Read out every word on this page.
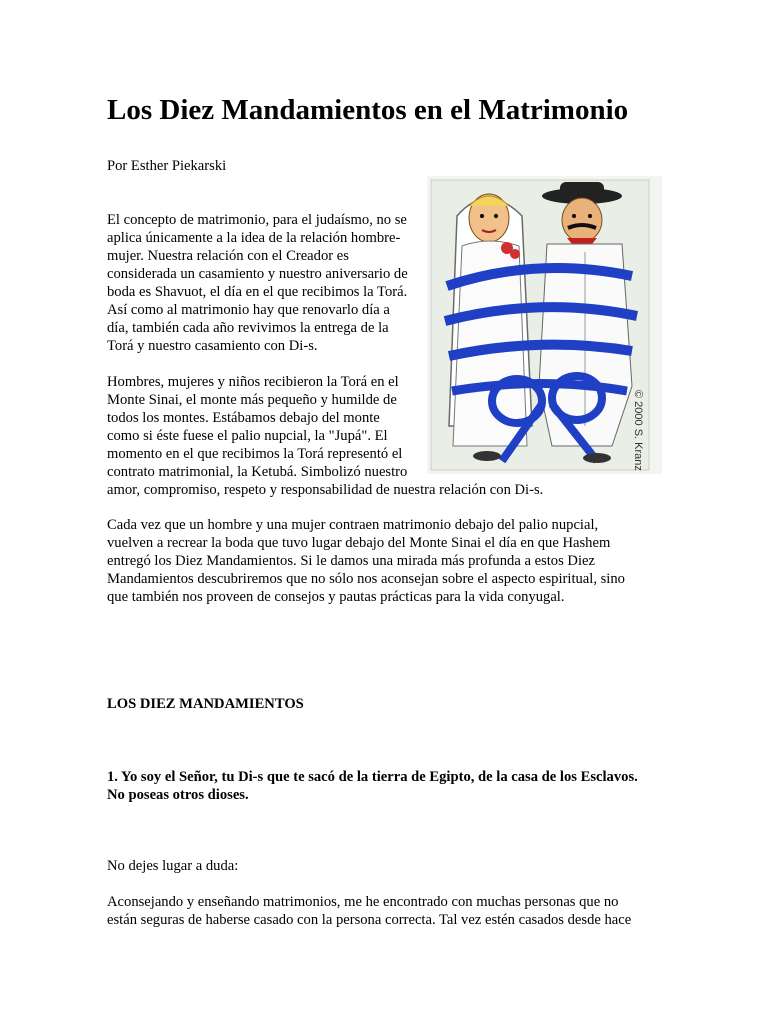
Los Diez Mandamientos en el Matrimonio
Por Esther Piekarski
© 2000 S. Kranz

El concepto de matrimonio, para el judaísmo, no se
aplica únicamente a la idea de la relación hombre-
mujer. Nuestra relación con el Creador es
considerada un casamiento y nuestro aniversario de
boda es Shavuot, el día en el que recibimos la Torá.
Así como al matrimonio hay que renovarlo día a
día, también cada año revivimos la entrega de la
Torá y nuestro casamiento con Di-s.

Hombres, mujeres y niños recibieron la Torá en el
Monte Sinai, el monte más pequeño y humilde de
todos los montes. Estábamos debajo del monte
como si éste fuese el palio nupcial, la "Jupá". El
momento en el que recibimos la Torá representó el
contrato matrimonial, la Ketubá. Simbolizó nuestro
amor, compromiso, respeto y responsabilidad de nuestra relación con Di-s.

Cada vez que un hombre y una mujer contraen matrimonio debajo del palio nupcial,
vuelven a recrear la boda que tuvo lugar debajo del Monte Sinai el día en que Hashem
entregó los Diez Mandamientos. Si le damos una mirada más profunda a estos Diez
Mandamientos descubriremos que no sólo nos aconsejan sobre el aspecto espiritual, sino
que también nos proveen de consejos y pautas prácticas para la vida conyugal.

LOS DIEZ MANDAMIENTOS

1. Yo soy el Señor, tu Di-s que te sacó de la tierra de Egipto, de la casa de los Esclavos.
No poseas otros dioses.

No dejes lugar a duda:

Aconsejando y enseñando matrimonios, me he encontrado con muchas personas que no
están seguras de haberse casado con la persona correcta. Tal vez estén casados desde hace
